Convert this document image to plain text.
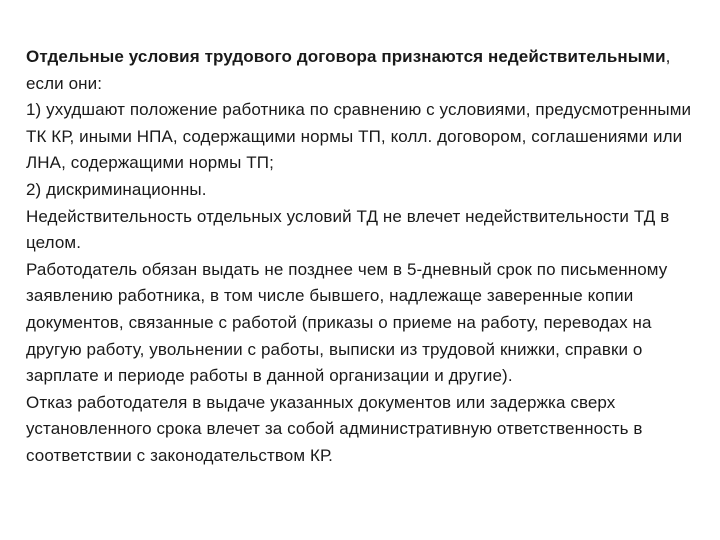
Отдельные условия трудового договора признаются недействительными, если они:

1) ухудшают положение работника по сравнению с условиями, предусмотренными ТК КР, иными НПА, содержащими нормы ТП, колл. договором, соглашениями или ЛНА, содержащими нормы ТП;

2) дискриминационны.

Недействительность отдельных условий ТД не влечет недействительности ТД в целом.

Работодатель обязан выдать не позднее чем в 5-дневный срок по письменному заявлению работника, в том числе бывшего, надлежаще заверенные копии документов, связанные с работой (приказы о приеме на работу, переводах на другую работу, увольнении с работы, выписки из трудовой книжки, справки о зарплате и периоде работы в данной организации и другие).

Отказ работодателя в выдаче указанных документов или задержка сверх установленного срока влечет за собой административную ответственность в соответствии с законодательством КР.
